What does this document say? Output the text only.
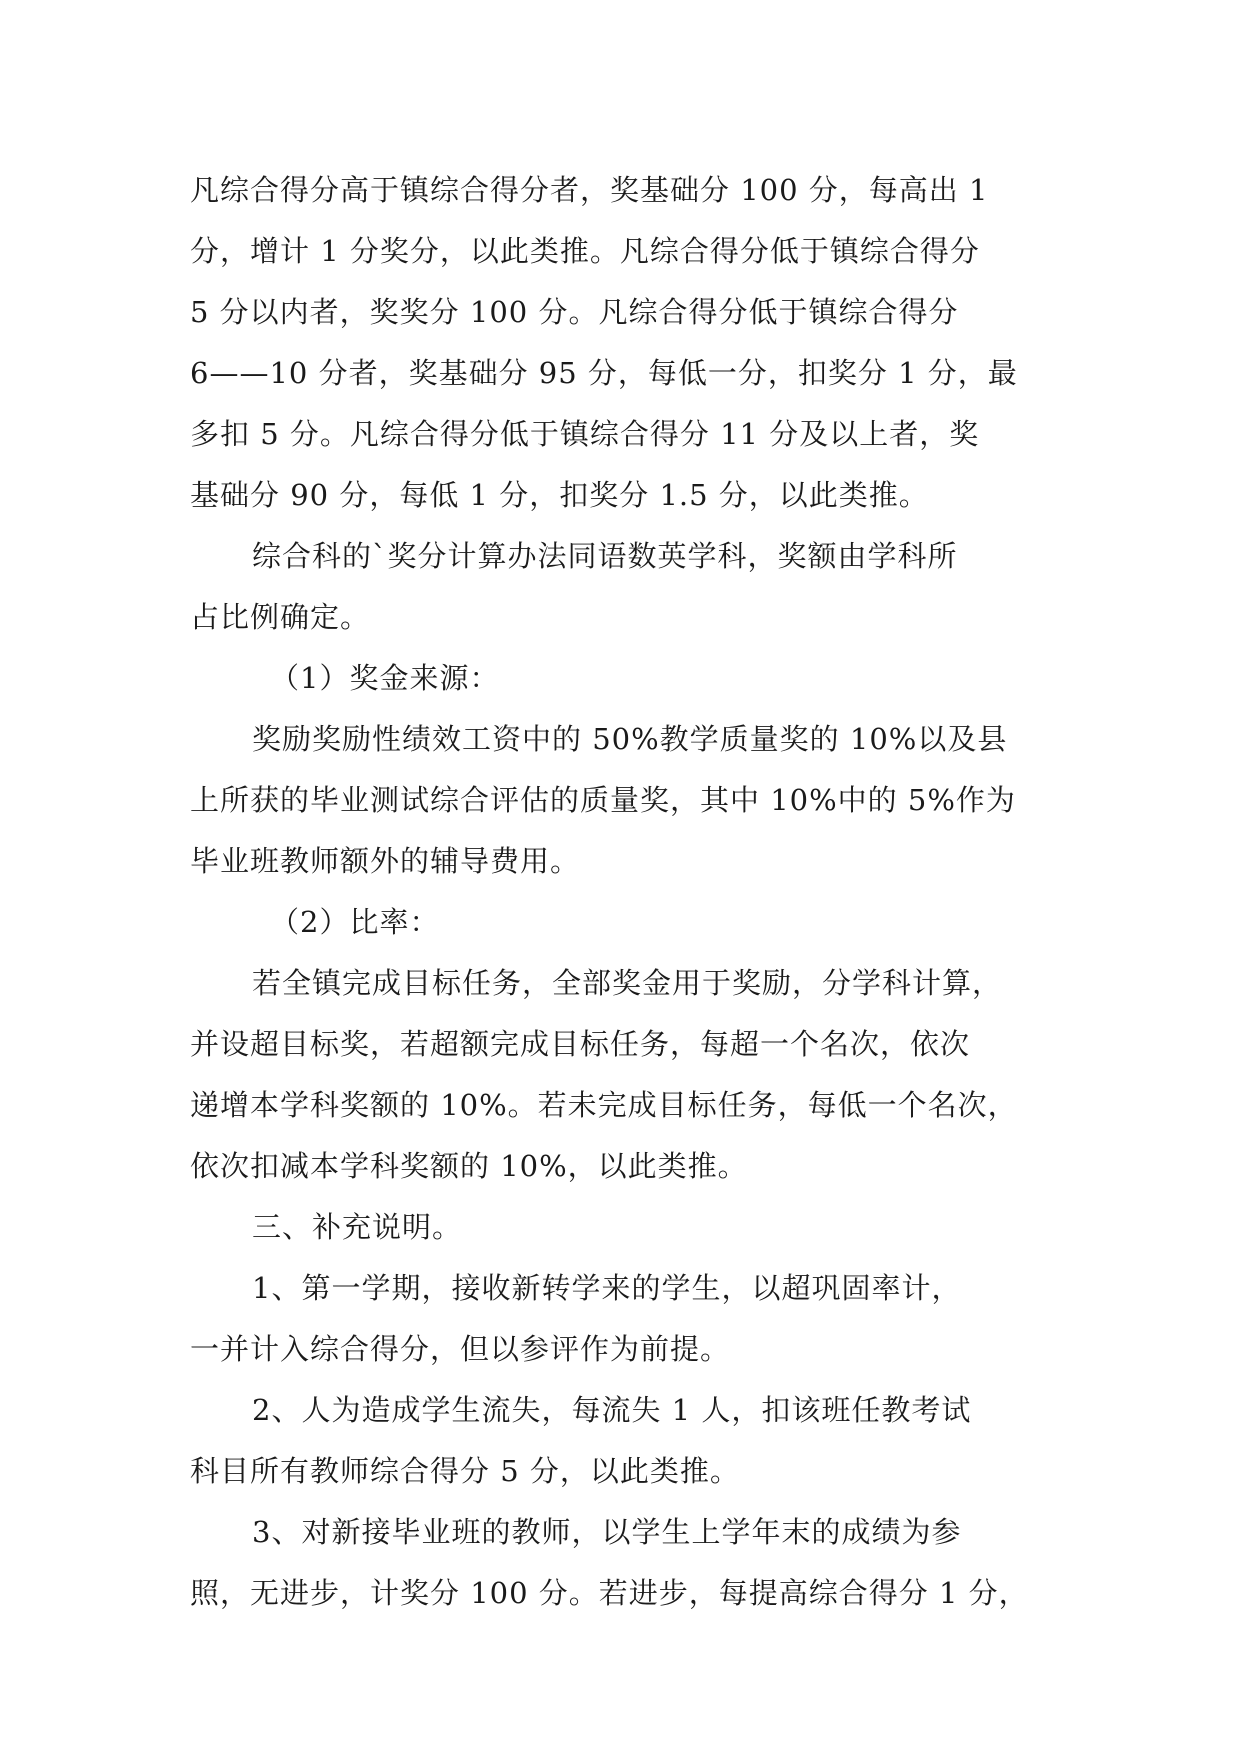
凡综合得分高于镇综合得分者，奖基础分 100 分，每高出 1
分，增计 1 分奖分，以此类推。凡综合得分低于镇综合得分
5 分以内者，奖奖分 100 分。凡综合得分低于镇综合得分
6——10 分者，奖基础分 95 分，每低一分，扣奖分 1 分，最
多扣 5 分。凡综合得分低于镇综合得分 11 分及以上者，奖
基础分 90 分，每低 1 分，扣奖分 1.5 分，以此类推。
综合科的`奖分计算办法同语数英学科，奖额由学科所
占比例确定。
（1）奖金来源：
奖励奖励性绩效工资中的 50%教学质量奖的 10%以及县
上所获的毕业测试综合评估的质量奖，其中 10%中的 5%作为
毕业班教师额外的辅导费用。
（2）比率：
若全镇完成目标任务，全部奖金用于奖励，分学科计算，
并设超目标奖，若超额完成目标任务，每超一个名次，依次
递增本学科奖额的 10%。若未完成目标任务，每低一个名次，
依次扣减本学科奖额的 10%，以此类推。
三、补充说明。
1、第一学期，接收新转学来的学生，以超巩固率计，
一并计入综合得分，但以参评作为前提。
2、人为造成学生流失，每流失 1 人，扣该班任教考试
科目所有教师综合得分 5 分，以此类推。
3、对新接毕业班的教师，以学生上学年末的成绩为参
照，无进步，计奖分 100 分。若进步，每提高综合得分 1 分，
